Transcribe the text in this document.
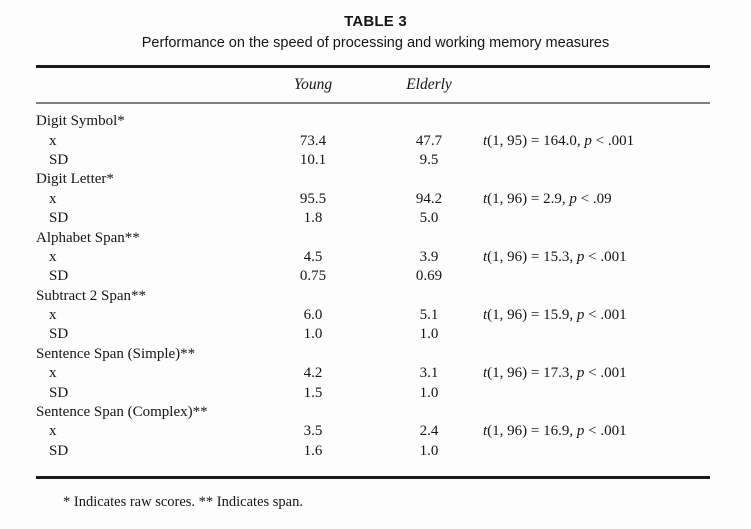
TABLE 3
Performance on the speed of processing and working memory measures
Young	Elderly
Digit Symbol*
x	73.4	47.7	t(1, 95) = 164.0, p < .001
SD	10.1	9.5
Digit Letter*
x	95.5	94.2	t(1, 96) = 2.9, p < .09
SD	1.8	5.0
Alphabet Span**
x	4.5	3.9	t(1, 96) = 15.3, p < .001
SD	0.75	0.69
Subtract 2 Span**
x	6.0	5.1	t(1, 96) = 15.9, p < .001
SD	1.0	1.0
Sentence Span (Simple)**
x	4.2	3.1	t(1, 96) = 17.3, p < .001
SD	1.5	1.0
Sentence Span (Complex)**
x	3.5	2.4	t(1, 96) = 16.9, p < .001
SD	1.6	1.0
* Indicates raw scores. ** Indicates span.
